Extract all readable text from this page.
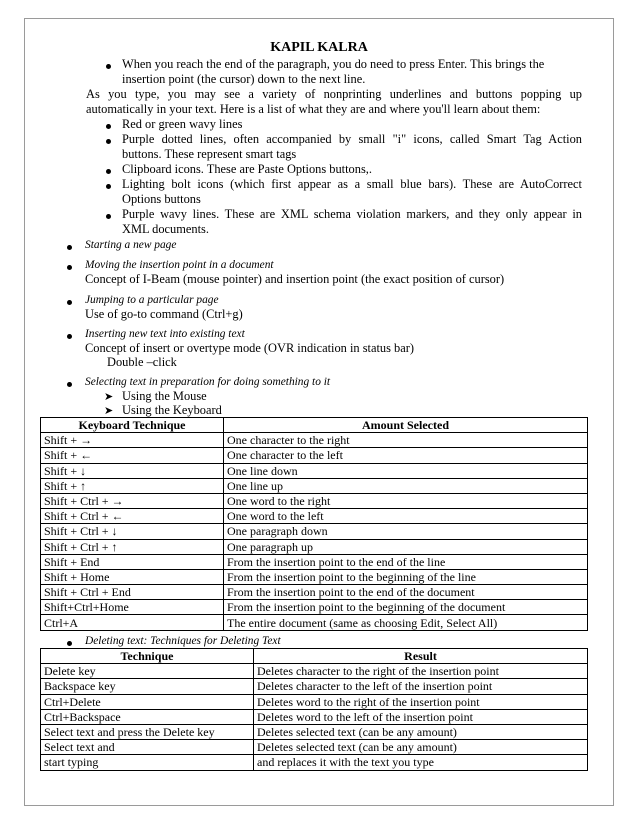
KAPIL KALRA
When you reach the end of the paragraph, you do need to press Enter. This brings the
insertion point (the cursor) down to the next line.
As you type, you may see a variety of nonprinting underlines and buttons popping up
automatically in your text. Here is a list of what they are and where you'll learn about them:
Red or green wavy lines
Purple dotted lines, often accompanied by small "i" icons, called Smart Tag Action
buttons. These represent smart tags
Clipboard icons. These are Paste Options buttons,.
Lighting bolt icons (which first appear as a small blue bars). These are AutoCorrect
Options buttons
Purple wavy lines. These are XML schema violation markers, and they only appear in
XML documents.
Starting a new page
Moving the insertion point in a document
Concept of I-Beam (mouse pointer) and insertion point (the exact position of cursor)
Jumping to a particular page
Use of go-to command (Ctrl+g)
Inserting new text into existing text
Concept of insert or overtype mode (OVR indication in status bar)
Double –click
Selecting text in preparation for doing something to it
➤ Using the Mouse
➤ Using the Keyboard
Keyboard Technique	Amount Selected
Shift + →	One character to the right
Shift + ←	One character to the left
Shift + ↓	One line down
Shift + ↑	One line up
Shift + Ctrl + →	One word to the right
Shift + Ctrl + ←	One word to the left
Shift + Ctrl + ↓	One paragraph down
Shift + Ctrl + ↑	One paragraph up
Shift + End	From the insertion point to the end of the line
Shift + Home	From the insertion point to the beginning of the line
Shift + Ctrl + End	From the insertion point to the end of the document
Shift+Ctrl+Home	From the insertion point to the beginning of the document
Ctrl+A	The entire document (same as choosing Edit, Select All)
Deleting text: Techniques for Deleting Text
Technique	Result
Delete key	Deletes character to the right of the insertion point
Backspace key	Deletes character to the left of the insertion point
Ctrl+Delete	Deletes word to the right of the insertion point
Ctrl+Backspace	Deletes word to the left of the insertion point
Select text and press the Delete key	Deletes selected text (can be any amount)
Select text and	Deletes selected text (can be any amount)
start typing	and replaces it with the text you type
